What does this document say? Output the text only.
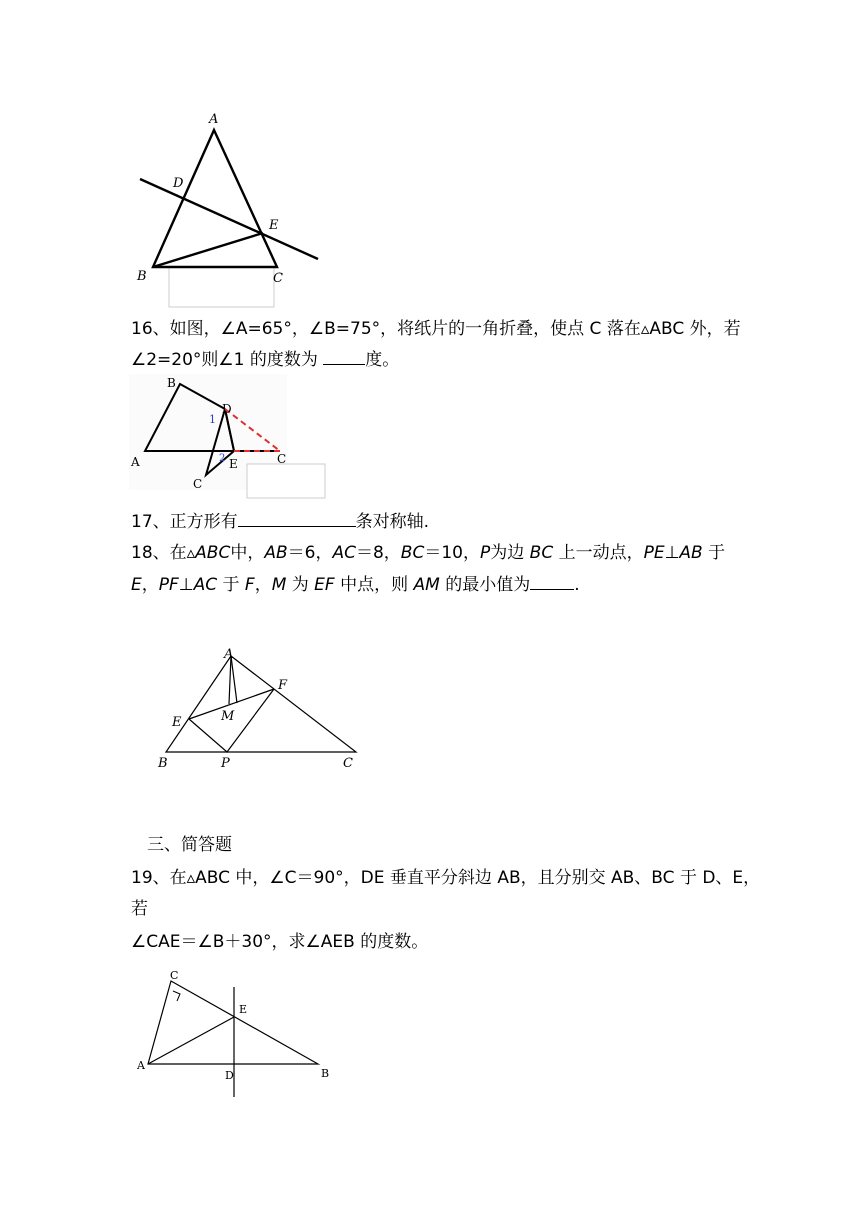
A
D
E
B	C
16、如图，∠A=65°，∠B=75°，将纸片的一角折叠，使点 C 落在▵ABC 外，若
∠2=20°则∠1 的度数为 度。
B
D
1
2	C
A	E
C
17、正方形有	条对称轴.
18、在▵ABC中，AB＝6，AC＝8，BC＝10，P为边 BC 上一动点，PE⊥AB 于
E，PF⊥AC 于 F，M 为 EF 中点，则 AM 的最小值为	.
A
F
E	M
B	P	C
三、简答题
19、在▵ABC 中，∠C＝90°，DE 垂直平分斜边 AB，且分别交 AB、BC 于 D、E，
若
∠CAE＝∠B＋30°，求∠AEB 的度数。
C
E
A
D	B
